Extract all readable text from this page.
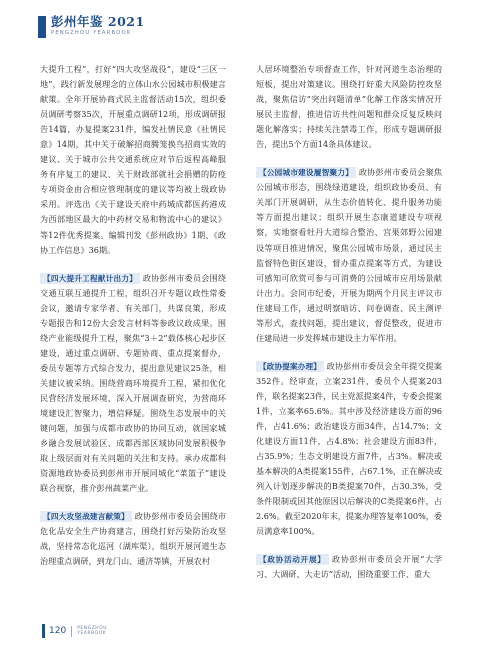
彭州年鉴 2021
PENGZHOU YEARBOOK

大提升工程”，打好“四大攻坚战役”，建设“三区一地”，践行新发展理念的立体山水公园城市积极建言献策。全年开展协商式民主监督活动15次，组织委员调研考察35次，开展重点调研12项，形成调研报告14篇，办复提案231件，编发社情民意《社情民意》14期，其中关于破解招商腾笼换鸟招商实效的建议、关于城市公共交通系统应对节后返程高峰服务有序复工的建议、关于财政部就社会捐赠的防疫专项资金由合相应管理制度的建议等均被上级政协采用。评选出《关于建设天府中药城成都医药港成为西部地区最大的中药材交易和物流中心的建议》等12件优秀提案。编辑刊发《彭州政协》1期、《政协工作信息》36期。

【四大提升工程献计出力】 政协彭州市委员会围绕交通互联互通提升工程，组织召开专题议政性常委会议，邀请专家学者、有关部门，共谋良策，形成专题报告和12份大会发言材料等参政议政成果。围绕产业能级提升工程，聚焦“3＋2”载体核心起步区建设，通过重点调研、专题协商、重点提案督办，委员专题等方式综合发力，提出意见建议25条，相关建议被采纳。围绕营商环境提升工程，紧扣优化民营经济发展环境，深入开展调查研究，为营商环境建设汇智聚力，增信释疑。围绕生态发展中的关键问题，加强与成都市政协的协同互动，就国家城乡融合发展试验区、成都西部区域协同发展积极争取上级层面对有关问题的关注和支持。承办成都科资源地政协委员到彭州市开展同城化“菜篮子”建设联合视察，推介彭州蔬菜产业。

【四大攻坚战建言献策】 政协彭州市委员会围绕市危化品安全生产协商建言，围绕打好污染防治攻坚战，坚持常态化巡河（湖库渠），组织开展河道生态治理重点调研，到龙门山、通济等镇，开展农村

人居环境整治专项督查工作，针对河道生态治理的短板，提出对策建议。围绕打好重大风险防控攻坚战，聚焦信访“突出问题清单”化解工作落实情况开展民主监督，推进信访共性问题和群众反复反映问题化解落实；持续关注禁毒工作，形成专题调研报告，提出5个方面14条具体建议。

【公园城市建设履智聚力】 政协彭州市委员会聚焦公园城市形态，围绕绿道建设，组织政协委员、有关部门开展调研，从生态价值转化、提升服务功能等方面提出建议；组织开展生态康道建设专项视察，实地察看牡丹大道综合整治、宫果郊野公园建设等项目推进情况，聚焦公园城市场景，通过民主监督特色街区建设，督办重点提案等方式，为建设可感知可欣赏可参与可消费的公园城市应用场景献计出力。会同市纪委，开展为期两个月民主评议市住建局工作，通过明察暗访、问卷调查、民主测评等形式，查找问题，提出建议，督促整改，促进市住建局进一步发挥城市建设主力军作用。

【政协提案办理】 政协彭州市委员会全年提交提案352件。经审查，立案231件，委员个人提案203件，联名提案23件，民主党派提案4件，专委会提案1件，立案率65.6%。其中涉及经济建设方面的96件，占41.6%；政治建设方面34件，占14.7%；文化建设方面11件，占4.8%；社会建设方面83件，占35.9%；生态文明建设方面7件，占3%。解决或基本解决的A类提案155件，占67.1%，正在解决或列入计划逐步解决的B类提案70件，占30.3%，受条件限制或因其他原因以后解决的C类提案6件，占2.6%。截至2020年末，提案办理答复率100%，委员满意率100%。

【政协活动开展】 政协彭州市委员会开展“大学习、大调研、大走访”活动，围绕重要工作、重大

120	PENGZHOU
YEARBOOK
